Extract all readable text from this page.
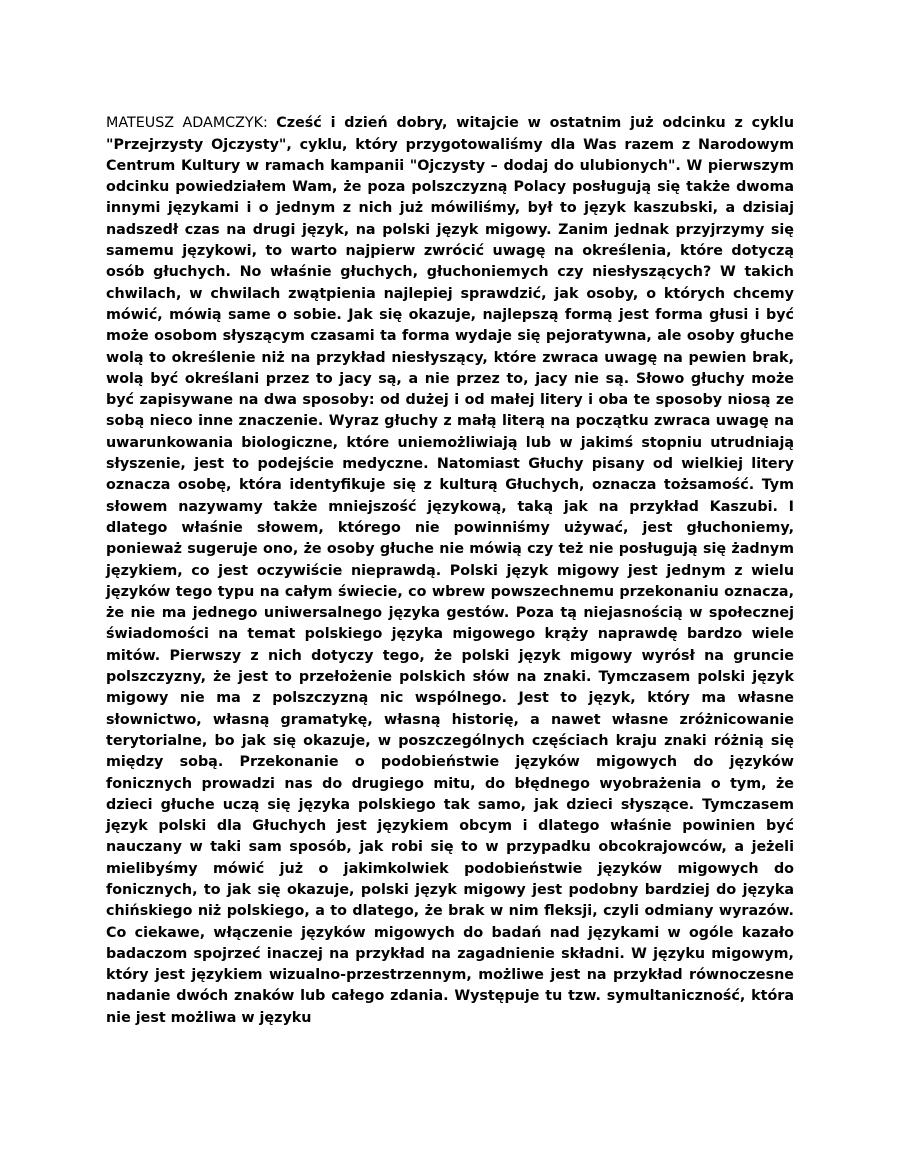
MATEUSZ ADAMCZYK: Cześć i dzień dobry, witajcie w ostatnim już odcinku z cyklu "Przejrzysty Ojczysty", cyklu, który przygotowaliśmy dla Was razem z Narodowym Centrum Kultury w ramach kampanii "Ojczysty – dodaj do ulubionych". W pierwszym odcinku powiedziałem Wam, że poza polszczyzną Polacy posługują się także dwoma innymi językami i o jednym z nich już mówiliśmy, był to język kaszubski, a dzisiaj nadszedł czas na drugi język, na polski język migowy. Zanim jednak przyjrzymy się samemu językowi, to warto najpierw zwrócić uwagę na określenia, które dotyczą osób głuchych. No właśnie głuchych, głuchoniemych czy niesłyszących? W takich chwilach, w chwilach zwątpienia najlepiej sprawdzić, jak osoby, o których chcemy mówić, mówią same o sobie. Jak się okazuje, najlepszą formą jest forma głusi i być może osobom słyszącym czasami ta forma wydaje się pejoratywna, ale osoby głuche wolą to określenie niż na przykład niesłyszący, które zwraca uwagę na pewien brak, wolą być określani przez to jacy są, a nie przez to, jacy nie są. Słowo głuchy może być zapisywane na dwa sposoby: od dużej i od małej litery i oba te sposoby niosą ze sobą nieco inne znaczenie. Wyraz głuchy z małą literą na początku zwraca uwagę na uwarunkowania biologiczne, które uniemożliwiają lub w jakimś stopniu utrudniają słyszenie, jest to podejście medyczne. Natomiast Głuchy pisany od wielkiej litery oznacza osobę, która identyfikuje się z kulturą Głuchych, oznacza tożsamość. Tym słowem nazywamy także mniejszość językową, taką jak na przykład Kaszubi. I dlatego właśnie słowem, którego nie powinniśmy używać, jest głuchoniemy, ponieważ sugeruje ono, że osoby głuche nie mówią czy też nie posługują się żadnym językiem, co jest oczywiście nieprawdą. Polski język migowy jest jednym z wielu języków tego typu na całym świecie, co wbrew powszechnemu przekonaniu oznacza, że nie ma jednego uniwersalnego języka gestów. Poza tą niejasnością w społecznej świadomości na temat polskiego języka migowego krąży naprawdę bardzo wiele mitów. Pierwszy z nich dotyczy tego, że polski język migowy wyrósł na gruncie polszczyzny, że jest to przełożenie polskich słów na znaki. Tymczasem polski język migowy nie ma z polszczyzną nic wspólnego. Jest to język, który ma własne słownictwo, własną gramatykę, własną historię, a nawet własne zróżnicowanie terytorialne, bo jak się okazuje, w poszczególnych częściach kraju znaki różnią się między sobą. Przekonanie o podobieństwie języków migowych do języków fonicznych prowadzi nas do drugiego mitu, do błędnego wyobrażenia o tym, że dzieci głuche uczą się języka polskiego tak samo, jak dzieci słyszące. Tymczasem język polski dla Głuchych jest językiem obcym i dlatego właśnie powinien być nauczany w taki sam sposób, jak robi się to w przypadku obcokrajowców, a jeżeli mielibyśmy mówić już o jakimkolwiek podobieństwie języków migowych do fonicznych, to jak się okazuje, polski język migowy jest podobny bardziej do języka chińskiego niż polskiego, a to dlatego, że brak w nim fleksji, czyli odmiany wyrazów. Co ciekawe, włączenie języków migowych do badań nad językami w ogóle kazało badaczom spojrzeć inaczej na przykład na zagadnienie składni. W języku migowym, który jest językiem wizualno-przestrzennym, możliwe jest na przykład równoczesne nadanie dwóch znaków lub całego zdania. Występuje tu tzw. symultaniczność, która nie jest możliwa w języku
